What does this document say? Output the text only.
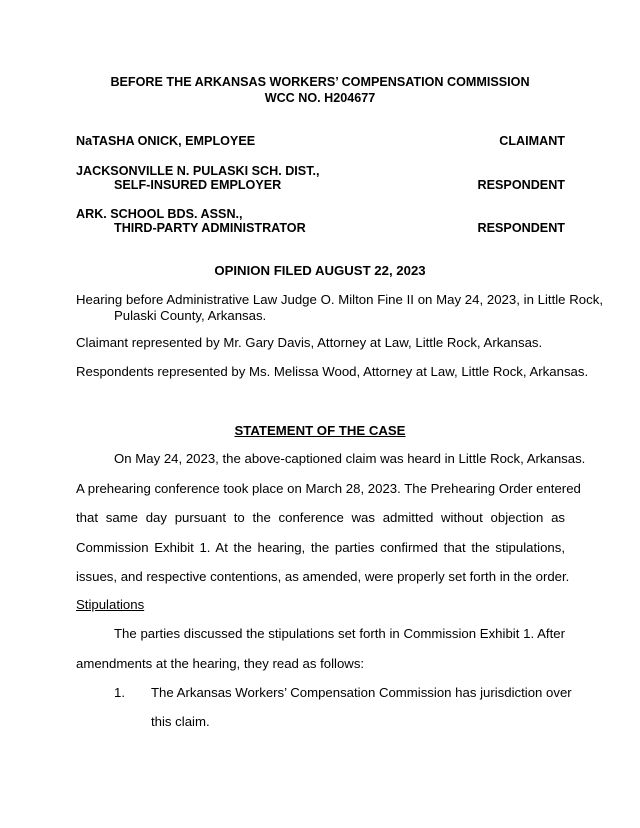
BEFORE THE ARKANSAS WORKERS’ COMPENSATION COMMISSION
WCC NO. H204677
NaTASHA ONICK, EMPLOYEE	CLAIMANT
JACKSONVILLE N. PULASKI SCH. DIST.,
SELF-INSURED EMPLOYER	RESPONDENT
ARK. SCHOOL BDS. ASSN.,
THIRD-PARTY ADMINISTRATOR	RESPONDENT
OPINION FILED AUGUST 22, 2023
Hearing before Administrative Law Judge O. Milton Fine II on May 24, 2023, in Little Rock, Pulaski County, Arkansas.
Claimant represented by Mr. Gary Davis, Attorney at Law, Little Rock, Arkansas.
Respondents represented by Ms. Melissa Wood, Attorney at Law, Little Rock, Arkansas.
STATEMENT OF THE CASE
On May 24, 2023, the above-captioned claim was heard in Little Rock, Arkansas.
A prehearing conference took place on March 28, 2023. The Prehearing Order entered
that same day pursuant to the conference was admitted without objection as
Commission Exhibit 1. At the hearing, the parties confirmed that the stipulations,
issues, and respective contentions, as amended, were properly set forth in the order.
Stipulations
The parties discussed the stipulations set forth in Commission Exhibit 1. After
amendments at the hearing, they read as follows:
1. The Arkansas Workers’ Compensation Commission has jurisdiction over
this claim.
